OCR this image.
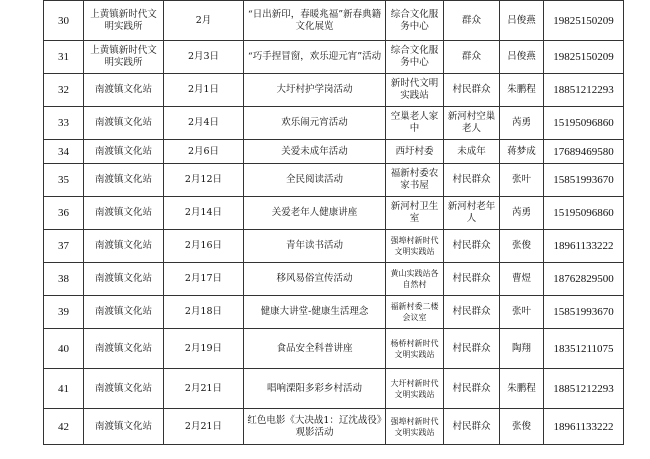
30	上黄镇新时代文明实践所	2月	“日出新印，春暖兆福”新春典籍文化展览	综合文化服务中心	群众	吕俊燕	19825150209
31	上黄镇新时代文明实践所	2月3日	“巧手捏冒窗，欢乐迎元宵”活动	综合文化服务中心	群众	吕俊燕	19825150209
32	南渡镇文化站	2月1日	大圩村护学岗活动	新时代文明实践站	村民群众	朱鹏程	18851212293
33	南渡镇文化站	2月4日	欢乐闹元宵活动	空巢老人家中	新河村空巢老人	芮勇	15195096860
34	南渡镇文化站	2月6日	关爱未成年活动	西圩村委	未成年	蒋梦成	17689469580
35	南渡镇文化站	2月12日	全民阅读活动	福新村委农家书屋	村民群众	张叶	15851993670
36	南渡镇文化站	2月14日	关爱老年人健康讲座	新河村卫生室	新河村老年人	芮勇	15195096860
37	南渡镇文化站	2月16日	青年读书活动	强埠村新时代文明实践站	村民群众	张俊	18961133222
38	南渡镇文化站	2月17日	移风易俗宣传活动	黄山实践站各自然村	村民群众	曹煜	18762829500
39	南渡镇文化站	2月18日	健康大讲堂-健康生活理念	福新村委二楼会议室	村民群众	张叶	15851993670
40	南渡镇文化站	2月19日	食品安全科普讲座	杨桥村新时代文明实践站	村民群众	陶翔	18351211075
41	南渡镇文化站	2月21日	唱响溧阳多彩乡村活动	大圩村新时代文明实践站	村民群众	朱鹏程	18851212293
42	南渡镇文化站	2月21日	红色电影《大决战1：辽沈战役》观影活动	强埠村新时代文明实践站	村民群众	张俊	18961133222
